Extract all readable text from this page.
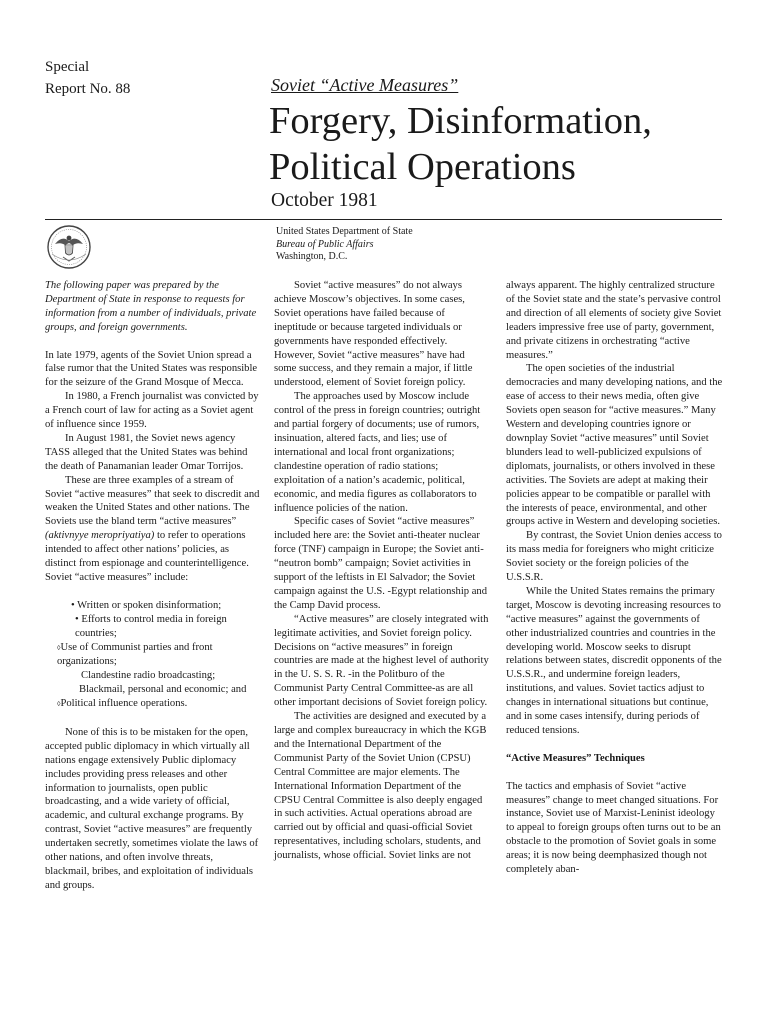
Special
Report No. 88	Soviet “Active Measures”
Forgery, Disinformation,
Political Operations
October 1981
United States Department of State
Bureau of Public Affairs
Washington, D.C.

The following paper was prepared by the Department of State in response to requests for information from a number of individuals, private groups, and foreign governments.

In late 1979, agents of the Soviet Union spread a false rumor that the United States was responsible for the seizure of the Grand Mosque of Mecca.

In 1980, a French journalist was convicted by a French court of law for acting as a Soviet agent of influence since 1959.

In August 1981, the Soviet news agency TASS alleged that the United States was behind the death of Panamanian leader Omar Torrijos.

These are three examples of a stream of Soviet “active measures” that seek to discredit and weaken the United States and other nations. The Soviets use the bland term “active measures” (aktivnyye meropriyatiya) to refer to operations intended to affect other nations’ policies, as distinct from espionage and counterintelligence. Soviet “active measures” include:

• Written or spoken disinformation;

• Efforts to control media in foreign countries;

◊Use of Communist parties and front organizations;

Clandestine radio broadcasting;

Blackmail, personal and economic; and

◊Political influence operations.

None of this is to be mistaken for the open, accepted public diplomacy in which virtually all nations engage extensively Public diplomacy includes providing press releases and other information to journalists, open public broadcasting, and a wide variety of official, academic, and cultural exchange programs. By contrast, Soviet “active measures” are frequently undertaken secretly, sometimes violate the laws of other nations, and often involve threats, blackmail, bribes, and exploitation of individuals and groups.

Soviet “active measures” do not always achieve Moscow’s objectives. In some cases, Soviet operations have failed because of ineptitude or because targeted individuals or governments have responded effectively. However, Soviet “active measures” have had some success, and they remain a major, if little understood, element of Soviet foreign policy.

The approaches used by Moscow include control of the press in foreign countries; outright and partial forgery of documents; use of rumors, insinuation, altered facts, and lies; use of international and local front organizations; clandestine operation of radio stations; exploitation of a nation’s academic, political, economic, and media figures as collaborators to influence policies of the nation.

Specific cases of Soviet “active measures” included here are: the Soviet anti-theater nuclear force (TNF) campaign in Europe; the Soviet anti- “neutron bomb” campaign; Soviet activities in support of the leftists in El Salvador; the Soviet campaign against the U.S. -Egypt relationship and the Camp David process.

“Active measures” are closely integrated with legitimate activities, and Soviet foreign policy. Decisions on “active measures” in foreign countries are made at the highest level of authority in the U. S. S. R. -in the Politburo of the Communist Party Central Committee-as are all other important decisions of Soviet foreign policy.

The activities are designed and executed by a large and complex bureaucracy in which the KGB and the International Department of the Communist Party of the Soviet Union (CPSU) Central Committee are major elements. The International Information Department of the CPSU Central Committee is also deeply engaged in such activities. Actual operations abroad are carried out by official and quasi-official Soviet representatives, including scholars, students, and journalists, whose official. Soviet links are not

always apparent. The highly centralized structure of the Soviet state and the state’s pervasive control and direction of all elements of society give Soviet leaders impressive free use of party, government, and private citizens in orchestrating “active measures.”

The open societies of the industrial democracies and many developing nations, and the ease of access to their news media, often give Soviets open season for “active measures.” Many Western and developing countries ignore or downplay Soviet “active measures” until Soviet blunders lead to well-publicized expulsions of diplomats, journalists, or others involved in these activities. The Soviets are adept at making their policies appear to be compatible or parallel with the interests of peace, environmental, and other groups active in Western and developing societies.

By contrast, the Soviet Union denies access to its mass media for foreigners who might criticize Soviet society or the foreign policies of the U.S.S.R.

While the United States remains the primary target, Moscow is devoting increasing resources to “active measures” against the governments of other industrialized countries and countries in the developing world. Moscow seeks to disrupt relations between states, discredit opponents of the U.S.S.R., and undermine foreign leaders, institutions, and values. Soviet tactics adjust to changes in international situations but continue, and in some cases intensify, during periods of reduced tensions.

“Active Measures” Techniques

The tactics and emphasis of Soviet “active measures” change to meet changed situations. For instance, Soviet use of Marxist-Leninist ideology to appeal to foreign groups often turns out to be an obstacle to the promotion of Soviet goals in some areas; it is now being deemphasized though not completely aban-
